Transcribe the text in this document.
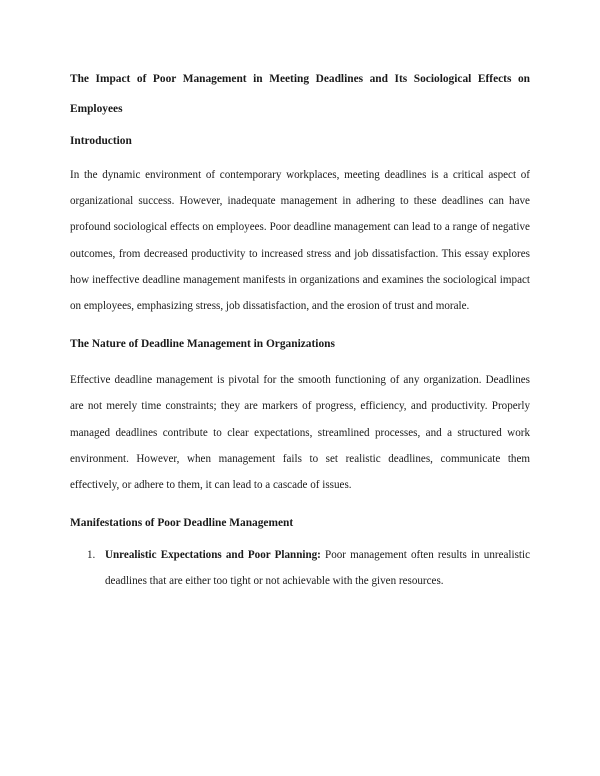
The Impact of Poor Management in Meeting Deadlines and Its Sociological Effects on Employees

Introduction

In the dynamic environment of contemporary workplaces, meeting deadlines is a critical aspect of organizational success. However, inadequate management in adhering to these deadlines can have profound sociological effects on employees. Poor deadline management can lead to a range of negative outcomes, from decreased productivity to increased stress and job dissatisfaction. This essay explores how ineffective deadline management manifests in organizations and examines the sociological impact on employees, emphasizing stress, job dissatisfaction, and the erosion of trust and morale.

The Nature of Deadline Management in Organizations

Effective deadline management is pivotal for the smooth functioning of any organization. Deadlines are not merely time constraints; they are markers of progress, efficiency, and productivity. Properly managed deadlines contribute to clear expectations, streamlined processes, and a structured work environment. However, when management fails to set realistic deadlines, communicate them effectively, or adhere to them, it can lead to a cascade of issues.

Manifestations of Poor Deadline Management

1. Unrealistic Expectations and Poor Planning: Poor management often results in unrealistic deadlines that are either too tight or not achievable with the given resources.
